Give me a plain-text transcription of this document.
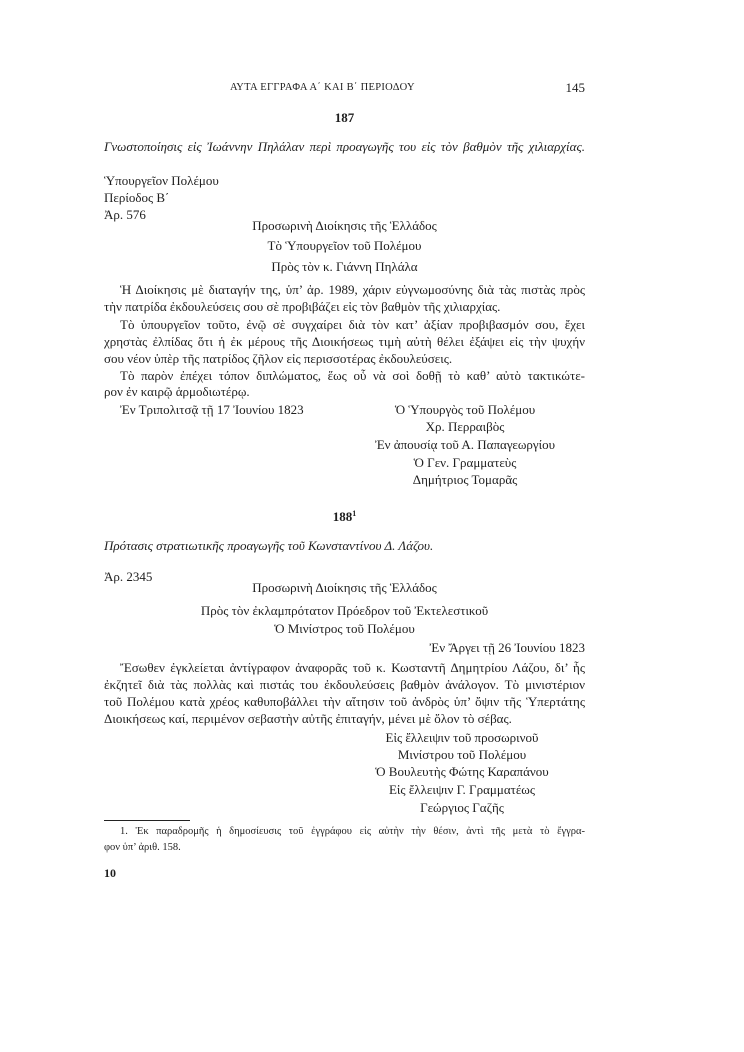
ΑΥΤΑ ΕΓΓΡΑΦΑ Α΄ ΚΑΙ Β΄ ΠΕΡΙΟΔΟΥ	145
187
Γνωστοποίησις εἰς Ἰωάννην Πηλάλαν περὶ προαγωγῆς του εἰς τὸν βαθμὸν τῆς χιλιαρχίας.
Ὑπουργεῖον Πολέμου
Περίοδος Β΄
Ἀρ. 576
Προσωρινὴ Διοίκησις τῆς Ἑλλάδος
Τὸ Ὑπουργεῖον τοῦ Πολέμου
Πρὸς τὸν κ. Γιάννη Πηλάλα
Ἡ Διοίκησις μὲ διαταγήν της, ὑπ’ ἀρ. 1989, χάριν εὐγνωμοσύνης διὰ τὰς πιστὰς πρὸς
τὴν πατρίδα ἐκδουλεύσεις σου σὲ προβιβάζει εἰς τὸν βαθμὸν τῆς χιλιαρχίας.
Τὸ ὑπουργεῖον τοῦτο, ἐνῷ σὲ συγχαίρει διὰ τὸν κατ’ ἀξίαν προβιβασμόν σου, ἔχει
χρηστὰς ἐλπίδας ὅτι ἡ ἐκ μέρους τῆς Διοικήσεως τιμὴ αὐτὴ θέλει ἐξάψει εἰς τὴν ψυχήν
σου νέον ὑπὲρ τῆς πατρίδος ζῆλον εἰς περισσοτέρας ἐκδουλεύσεις.
Τὸ παρὸν ἐπέχει τόπον διπλώματος, ἕως οὗ νὰ σοὶ δοθῇ τὸ καθ’ αὐτὸ τακτικώτε-
ρον ἐν καιρῷ ἁρμοδιωτέρῳ.
Ἐν Τριπολιτσᾷ τῇ 17 Ἰουνίου 1823	Ὁ Ὑπουργὸς τοῦ Πολέμου
Χρ. Περραιβὸς
Ἐν ἀπουσίᾳ τοῦ Α. Παπαγεωργίου
Ὁ Γεν. Γραμματεὺς
Δημήτριος Τομαρᾶς
$188^1$
Πρότασις στρατιωτικῆς προαγωγῆς τοῦ Κωνσταντίνου Δ. Λάζου.
Ἀρ. 2345
Προσωρινὴ Διοίκησις τῆς Ἑλλάδος
Πρὸς τὸν ἐκλαμπρότατον Πρόεδρον τοῦ Ἐκτελεστικοῦ
Ὁ Μινίστρος τοῦ Πολέμου
Ἐν Ἄργει τῇ 26 Ἰουνίου 1823
Ἔσωθεν ἐγκλείεται ἀντίγραφον ἀναφορᾶς τοῦ κ. Κωσταντῆ Δημητρίου Λάζου, δι’ ἧς
ἐκζητεῖ διὰ τὰς πολλὰς καὶ πιστάς του ἐκδουλεύσεις βαθμὸν ἀνάλογον. Τὸ μινιστέριον
τοῦ Πολέμου κατὰ χρέος καθυποβάλλει τὴν αἴτησιν τοῦ ἀνδρὸς ὑπ’ ὄψιν τῆς Ὑπερτάτης
Διοικήσεως καί, περιμένον σεβαστὴν αὐτῆς ἐπιταγήν, μένει μὲ ὅλον τὸ σέβας.
Εἰς ἔλλειψιν τοῦ προσωρινοῦ
Μινίστρου τοῦ Πολέμου
Ὁ Βουλευτὴς Φώτης Καραπάνου
Εἰς ἔλλειψιν Γ. Γραμματέως
Γεώργιος Γαζῆς
1. Ἐκ παραδρομῆς ἡ δημοσίευσις τοῦ ἐγγράφου εἰς αὐτὴν τὴν θέσιν, ἀντὶ τῆς μετὰ τὸ ἔγγρα-
φον ὑπ’ ἀριθ. 158.
10
